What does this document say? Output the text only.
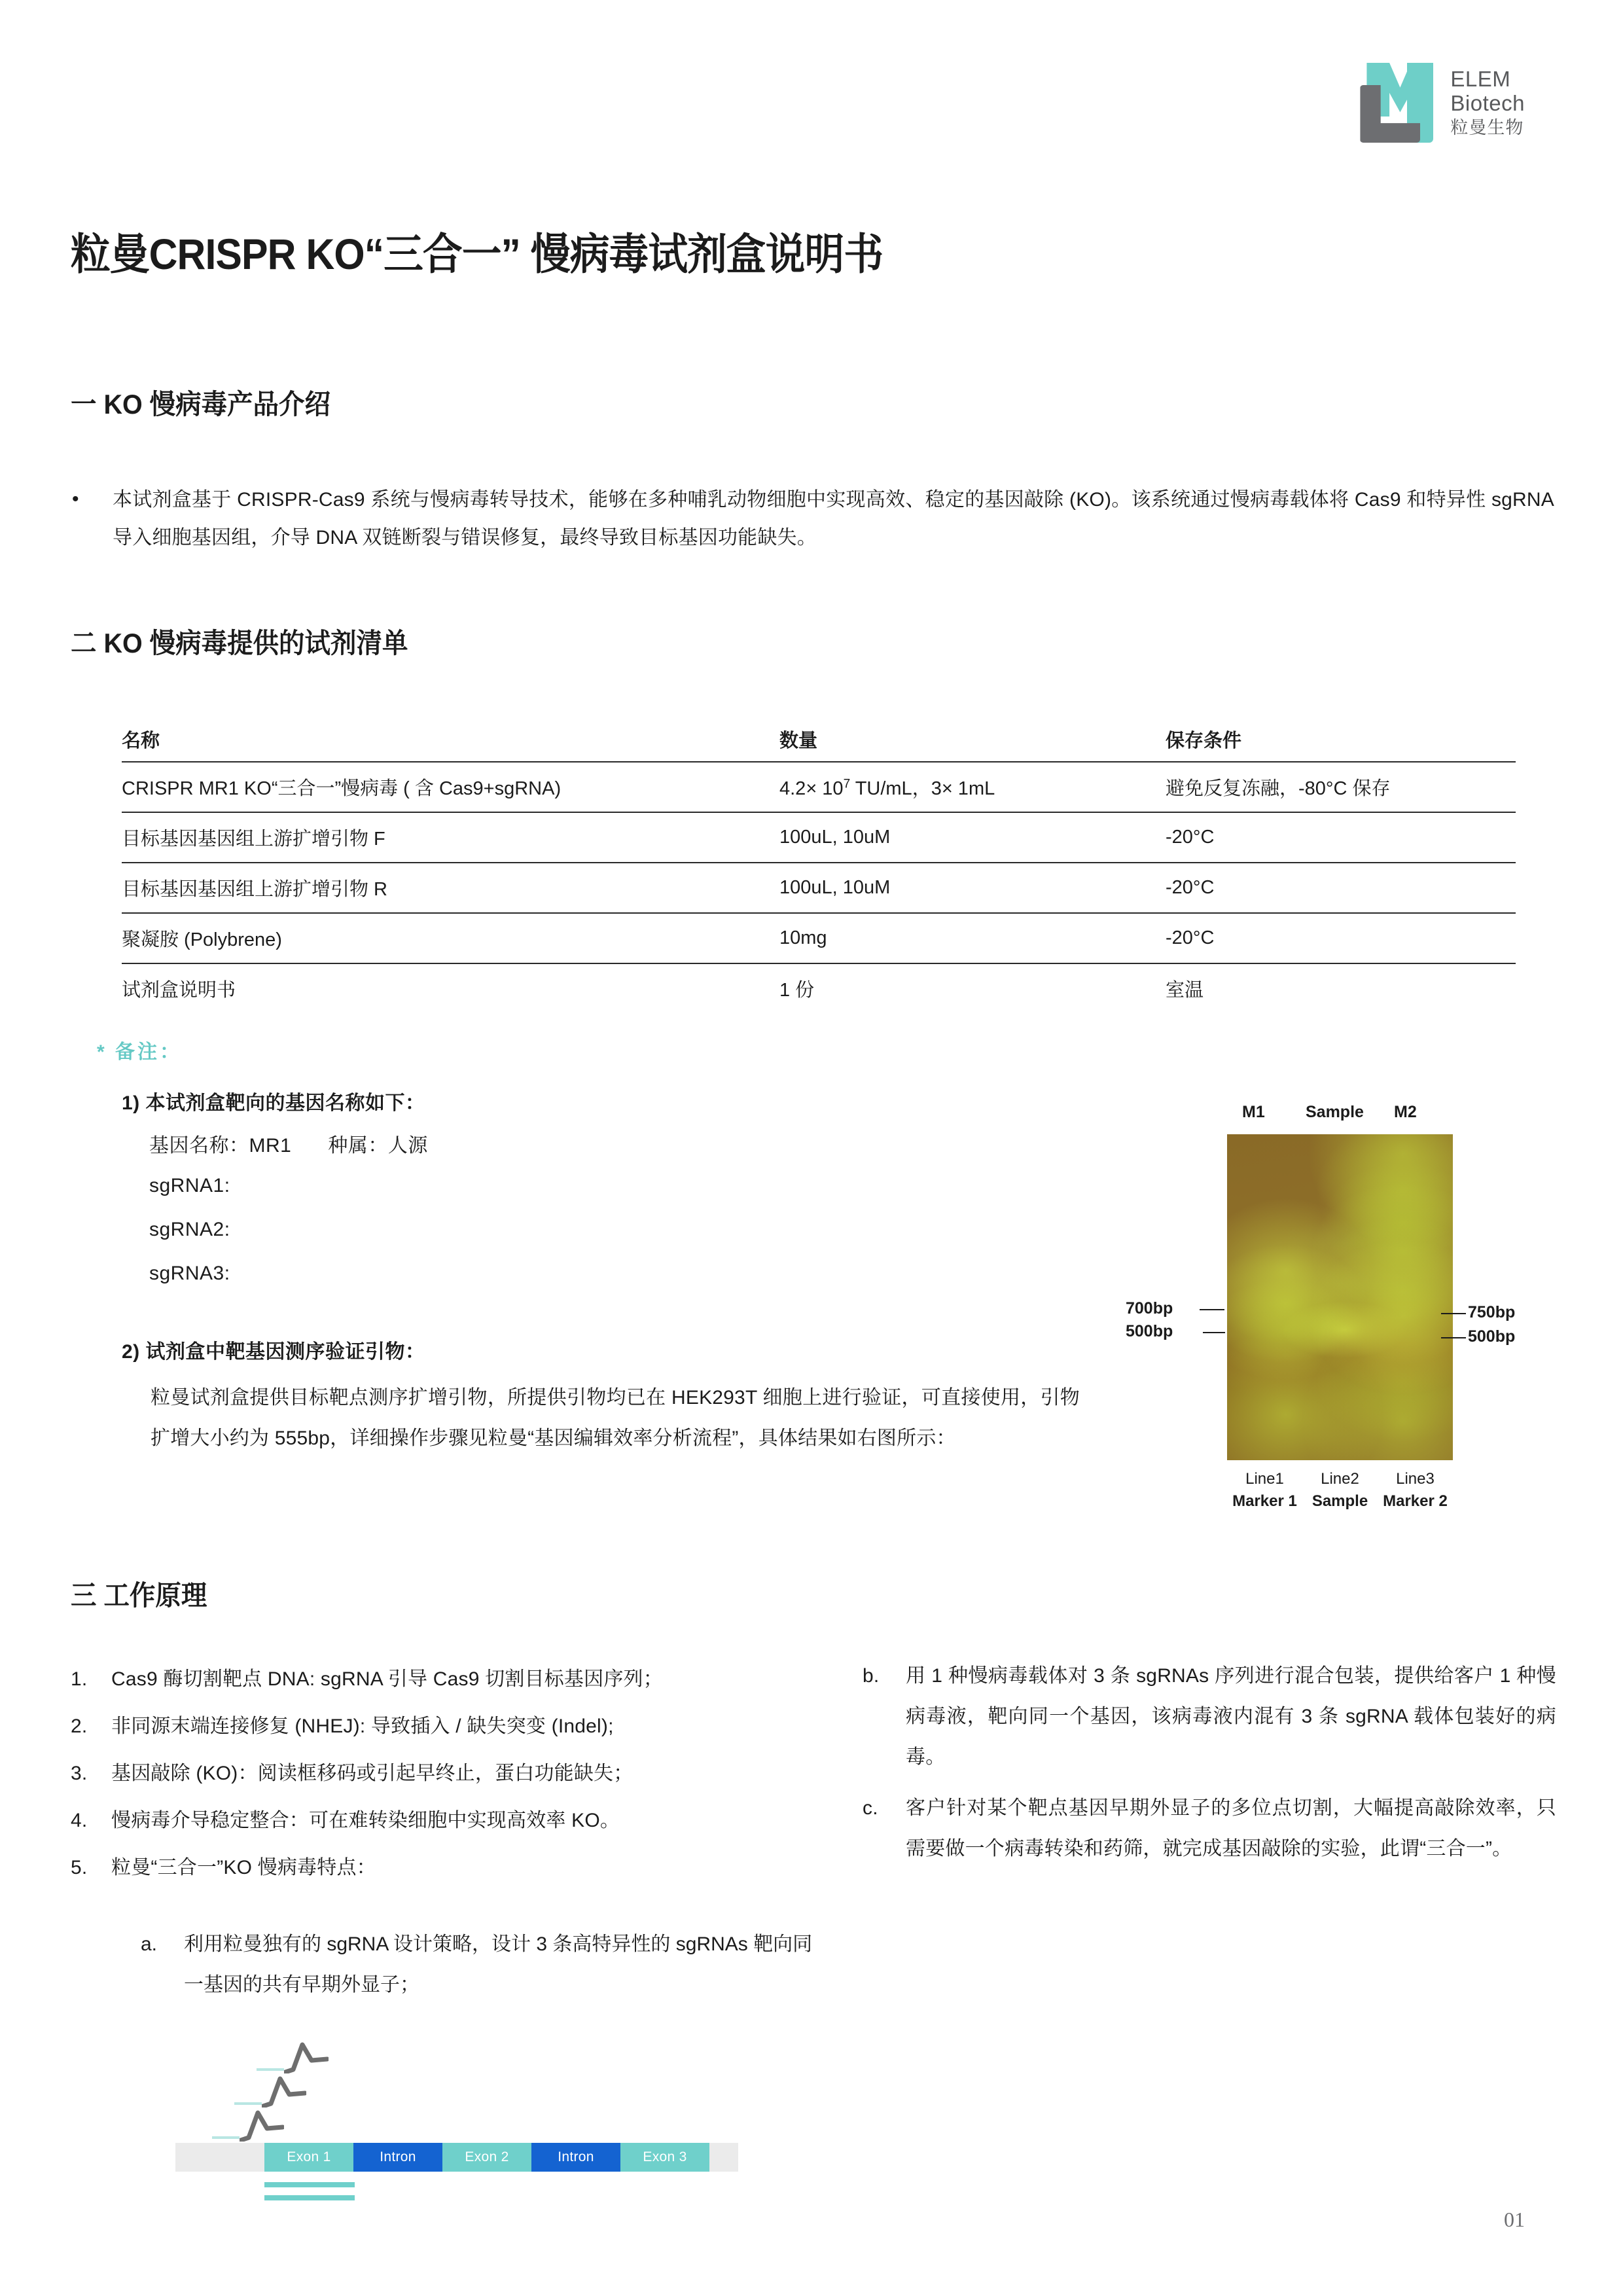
ELEM
Biotech
粒曼生物
粒曼CRISPR KO“三合一” 慢病毒试剂盒说明书
一 KO 慢病毒产品介绍
•	本试剂盒基于 CRISPR-Cas9 系统与慢病毒转导技术，能够在多种哺乳动物细胞中实现高效、稳定的基因敲除 (KO)。该系统通过慢病毒载体将 Cas9 和特异性 sgRNA 导入细胞基因组，介导 DNA 双链断裂与错误修复，最终导致目标基因功能缺失。
二 KO 慢病毒提供的试剂清单
名称	数量	保存条件
CRISPR MR1 KO“三合一”慢病毒 ( 含 Cas9+sgRNA)	$4.2\times 10^7$ TU/mL，3× 1mL	避免反复冻融，-80°C 保存
目标基因基因组上游扩增引物 F	100uL, 10uM	-20°C
目标基因基因组上游扩增引物 R	100uL, 10uM	-20°C
聚凝胺 (Polybrene)	10mg	-20°C
试剂盒说明书	1 份	室温
* 备注：
1) 本试剂盒靶向的基因名称如下：
基因名称：MR1 种属：人源
sgRNA1:
sgRNA2:
sgRNA3:
2) 试剂盒中靶基因测序验证引物：
粒曼试剂盒提供目标靶点测序扩增引物，所提供引物均已在 HEK293T 细胞上进行验证，可直接使用，引物扩增大小约为 555bp，详细操作步骤见粒曼“基因编辑效率分析流程”，具体结果如右图所示：
M1 Sample M2
700bp
500bp
750bp
500bp
Line1
Marker 1
Line2
Sample
Line3
Marker 2
三 工作原理
1.	Cas9 酶切割靶点 DNA: sgRNA 引导 Cas9 切割目标基因序列；
2.	非同源末端连接修复 (NHEJ): 导致插入 / 缺失突变 (Indel);
3.	基因敲除 (KO)：阅读框移码或引起早终止，蛋白功能缺失；
4.	慢病毒介导稳定整合：可在难转染细胞中实现高效率 KO。
5.	粒曼“三合一”KO 慢病毒特点：
a.	利用粒曼独有的 sgRNA 设计策略，设计 3 条高特异性的 sgRNAs 靶向同一基因的共有早期外显子；
b.	用 1 种慢病毒载体对 3 条 sgRNAs 序列进行混合包装，提供给客户 1 种慢病毒液，靶向同一个基因，该病毒液内混有 3 条 sgRNA 载体包装好的病毒。
c.	客户针对某个靶点基因早期外显子的多位点切割，大幅提高敲除效率，只需要做一个病毒转染和药筛，就完成基因敲除的实验，此谓“三合一”。
Exon 1	Intron	Exon 2	Intron	Exon 3
01
